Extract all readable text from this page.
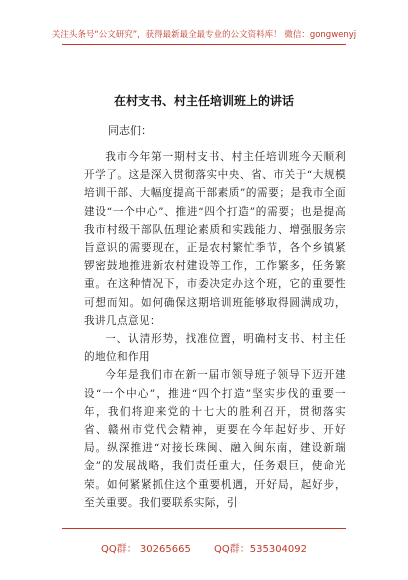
关注头条号“公文研究”，获得最新最全最专业的公文资料库！ 微信：gongwenyj
在村支书、村主任培训班上的讲话
同志们：

我市今年第一期村支书、村主任培训班今天顺利开学了。这是深入贯彻落实中央、省、市关于“大规模培训干部、大幅度提高干部素质”的需要；是我市全面建设“一个中心”、推进“四个打造”的需要；也是提高我市村级干部队伍理论素质和实践能力、增强服务宗旨意识的需要现在，正是农村繁忙季节，各个乡镇紧锣密鼓地推进新农村建设等工作，工作繁多，任务繁重。在这种情况下，市委决定办这个班，它的重要性可想而知。如何确保这期培训班能够取得圆满成功，我讲几点意见：

一、认清形势，找准位置，明确村支书、村主任的地位和作用

今年是我们市在新一届市领导班子领导下迈开建设“一个中心”，推进“四个打造”坚实步伐的重要一年，我们将迎来党的十七大的胜利召开，贯彻落实省、赣州市党代会精神，更要在今年起好步、开好局。纵深推进“对接长珠闽、融入闽东南，建设新瑞金”的发展战略，我们责任重大，任务艰巨，使命光荣。如何紧紧抓住这个重要机遇，开好局，起好步，至关重要。我们要联系实际，引

QQ群： 30265665 QQ群：535304092
